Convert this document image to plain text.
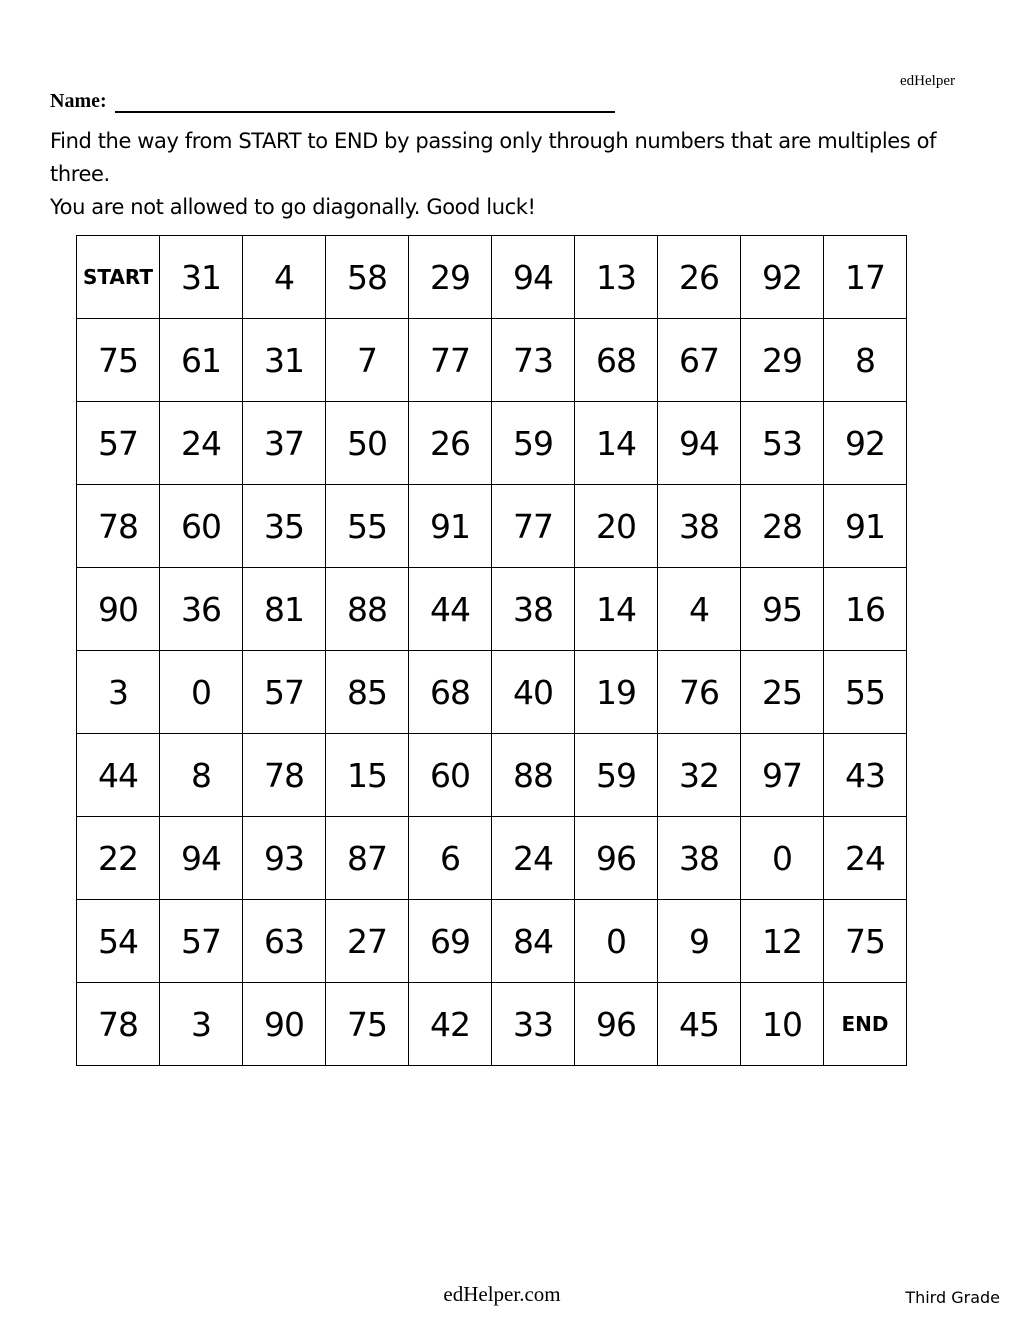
edHelper
Name:

Find the way from START to END by passing only through numbers that are multiples of three.

You are not allowed to go diagonally. Good luck!

START	31	4	58	29	94	13	26	92	17
75	61	31	7	77	73	68	67	29	8
57	24	37	50	26	59	14	94	53	92
78	60	35	55	91	77	20	38	28	91
90	36	81	88	44	38	14	4	95	16
3	0	57	85	68	40	19	76	25	55
44	8	78	15	60	88	59	32	97	43
22	94	93	87	6	24	96	38	0	24
54	57	63	27	69	84	0	9	12	75
78	3	90	75	42	33	96	45	10	END
edHelper.com	Third Grade
